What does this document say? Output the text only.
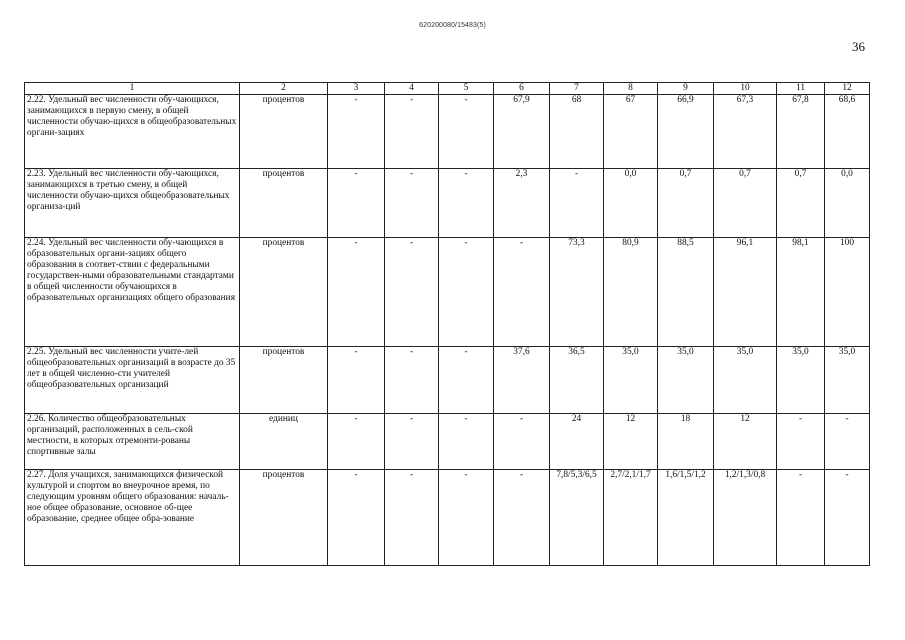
620200080/15483(5)
36
1	2	3	4	5	6	7	8	9	10	11	12
2.22. Удельный вес численности обу-чающихся, занимающихся в первую смену, в общей численности обучаю-щихся в общеобразовательных органи-зациях	процентов	-	-	-	67,9	68	67	66,9	67,3	67,8	68,6
2.23. Удельный вес численности обу-чающихся, занимающихся в третью смену, в общей численности обучаю-щихся общеобразовательных организа-ций	процентов	-	-	-	2,3	-	0,0	0,7	0,7	0,7	0,0
2.24. Удельный вес численности обу-чающихся в образовательных органи-зациях общего образования в соответ-ствии с федеральными государствен-ными образовательными стандартами в общей численности обучающихся в образовательных организациях общего образования	процентов	-	-	-	-	73,3	80,9	88,5	96,1	98,1	100
2.25. Удельный вес численности учите-лей общеобразовательных организаций в возрасте до 35 лет в общей численно-сти учителей общеобразовательных организаций	процентов	-	-	-	37,6	36,5	35,0	35,0	35,0	35,0	35,0
2.26. Количество общеобразовательных организаций, расположенных в сель-ской местности, в которых отремонти-рованы спортивные залы	единиц	-	-	-	-	24	12	18	12	-	-
2.27. Доля учащихся, занимающихся физической культурой и спортом во внеурочное время, по следующим уровням общего образования: началь-ное общее образование, основное об-щее образование, среднее общее обра-зование	процентов	-	-	-	-	7,8/5,3/6,5	2,7/2,1/1,7	1,6/1,5/1,2	1,2/1,3/0,8	-	-
